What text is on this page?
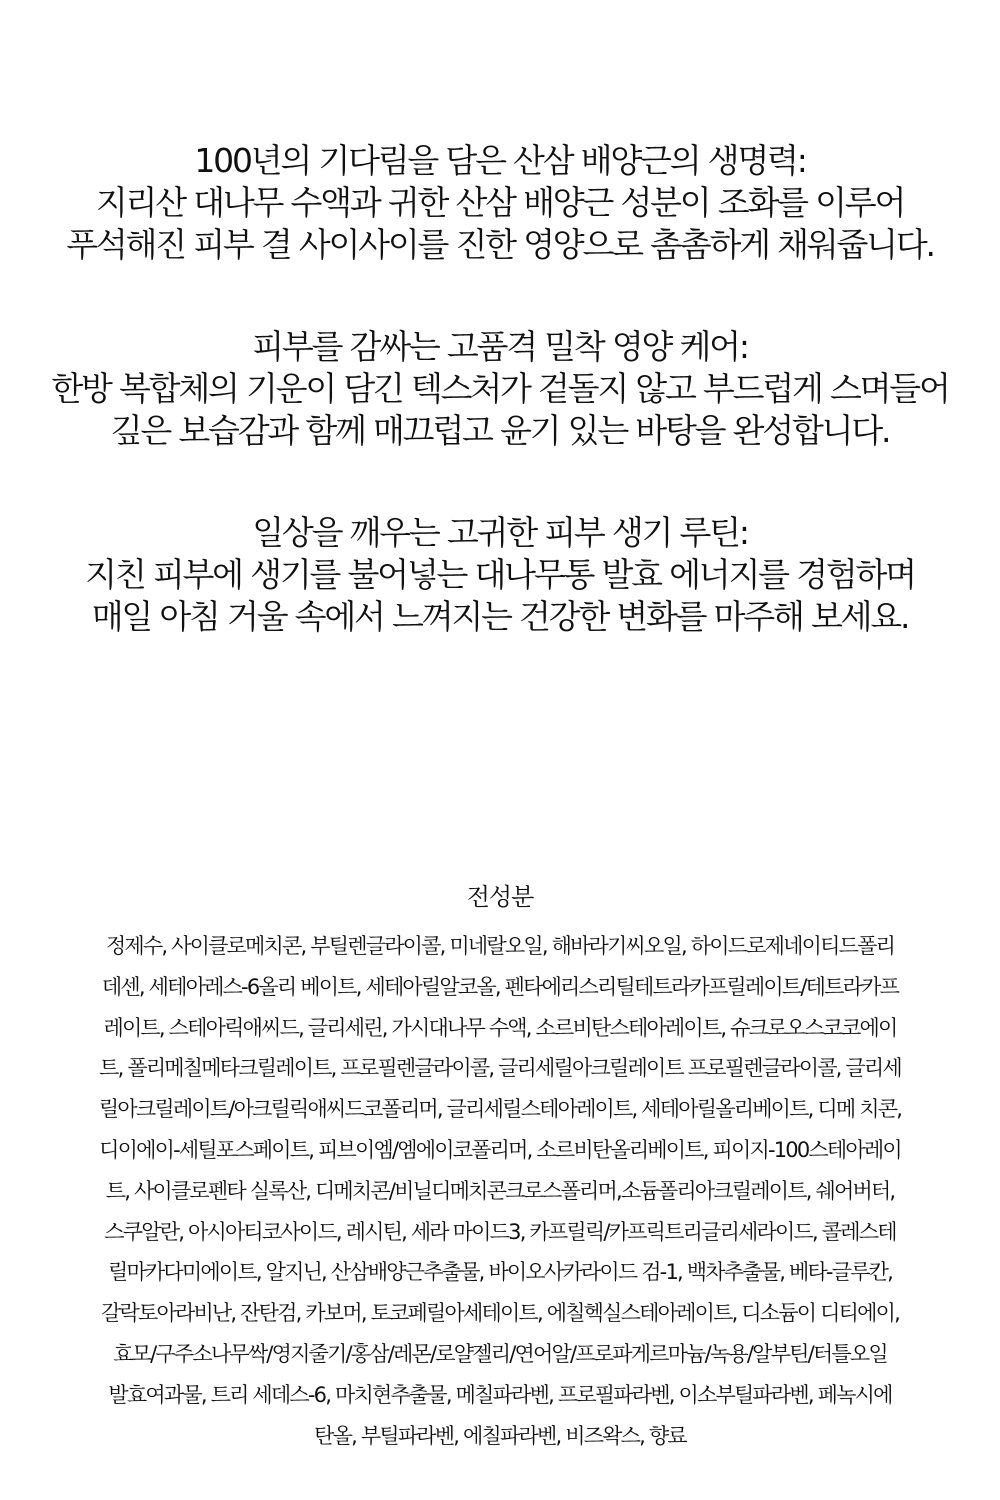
100년의 기다림을 담은 산삼 배양근의 생명력:
지리산 대나무 수액과 귀한 산삼 배양근 성분이 조화를 이루어
푸석해진 피부 결 사이사이를 진한 영양으로 촘촘하게 채워줍니다.

피부를 감싸는 고품격 밀착 영양 케어:
한방 복합체의 기운이 담긴 텍스처가 겉돌지 않고 부드럽게 스며들어
깊은 보습감과 함께 매끄럽고 윤기 있는 바탕을 완성합니다.

일상을 깨우는 고귀한 피부 생기 루틴:
지친 피부에 생기를 불어넣는 대나무통 발효 에너지를 경험하며
매일 아침 거울 속에서 느껴지는 건강한 변화를 마주해 보세요.

전성분
정제수, 사이클로메치콘, 부틸렌글라이콜, 미네랄오일, 해바라기씨오일, 하이드로제네이티드폴리
데센, 세테아레스-6올리 베이트, 세테아릴알코올, 펜타에리스리틸테트라카프릴레이트/테트라카프
레이트, 스테아릭애씨드, 글리세린, 가시대나무 수액, 소르비탄스테아레이트, 슈크로오스코코에이
트, 폴리메칠메타크릴레이트, 프로필렌글라이콜, 글리세릴아크릴레이트 프로필렌글라이콜, 글리세
릴아크릴레이트/아크릴릭애씨드코폴리머, 글리세릴스테아레이트, 세테아릴올리베이트, 디메 치콘,
디이에이-세틸포스페이트, 피브이엠/엠에이코폴리머, 소르비탄올리베이트, 피이지-100스테아레이
트, 사이클로펜타 실록산, 디메치콘/비닐디메치콘크로스폴리머,소듐폴리아크릴레이트, 쉐어버터,
스쿠알란, 아시아티코사이드, 레시틴, 세라 마이드3, 카프릴릭/카프릭트리글리세라이드, 콜레스테
릴마카다미에이트, 알지닌, 산삼배양근추출물, 바이오사카라이드 검-1, 백차추출물, 베타-글루칸,
갈락토아라비난, 잔탄검, 카보머, 토코페릴아세테이트, 에칠헥실스테아레이트, 디소듐이 디티에이,
효모/구주소나무싹/영지줄기/홍삼/레몬/로얄젤리/연어알/프로파게르마늄/녹용/알부틴/터틀오일
발효여과물, 트리 세데스-6, 마치현추출물, 메칠파라벤, 프로필파라벤, 이소부틸파라벤, 페녹시에
탄올, 부틸파라벤, 에칠파라벤, 비즈왁스, 향료
